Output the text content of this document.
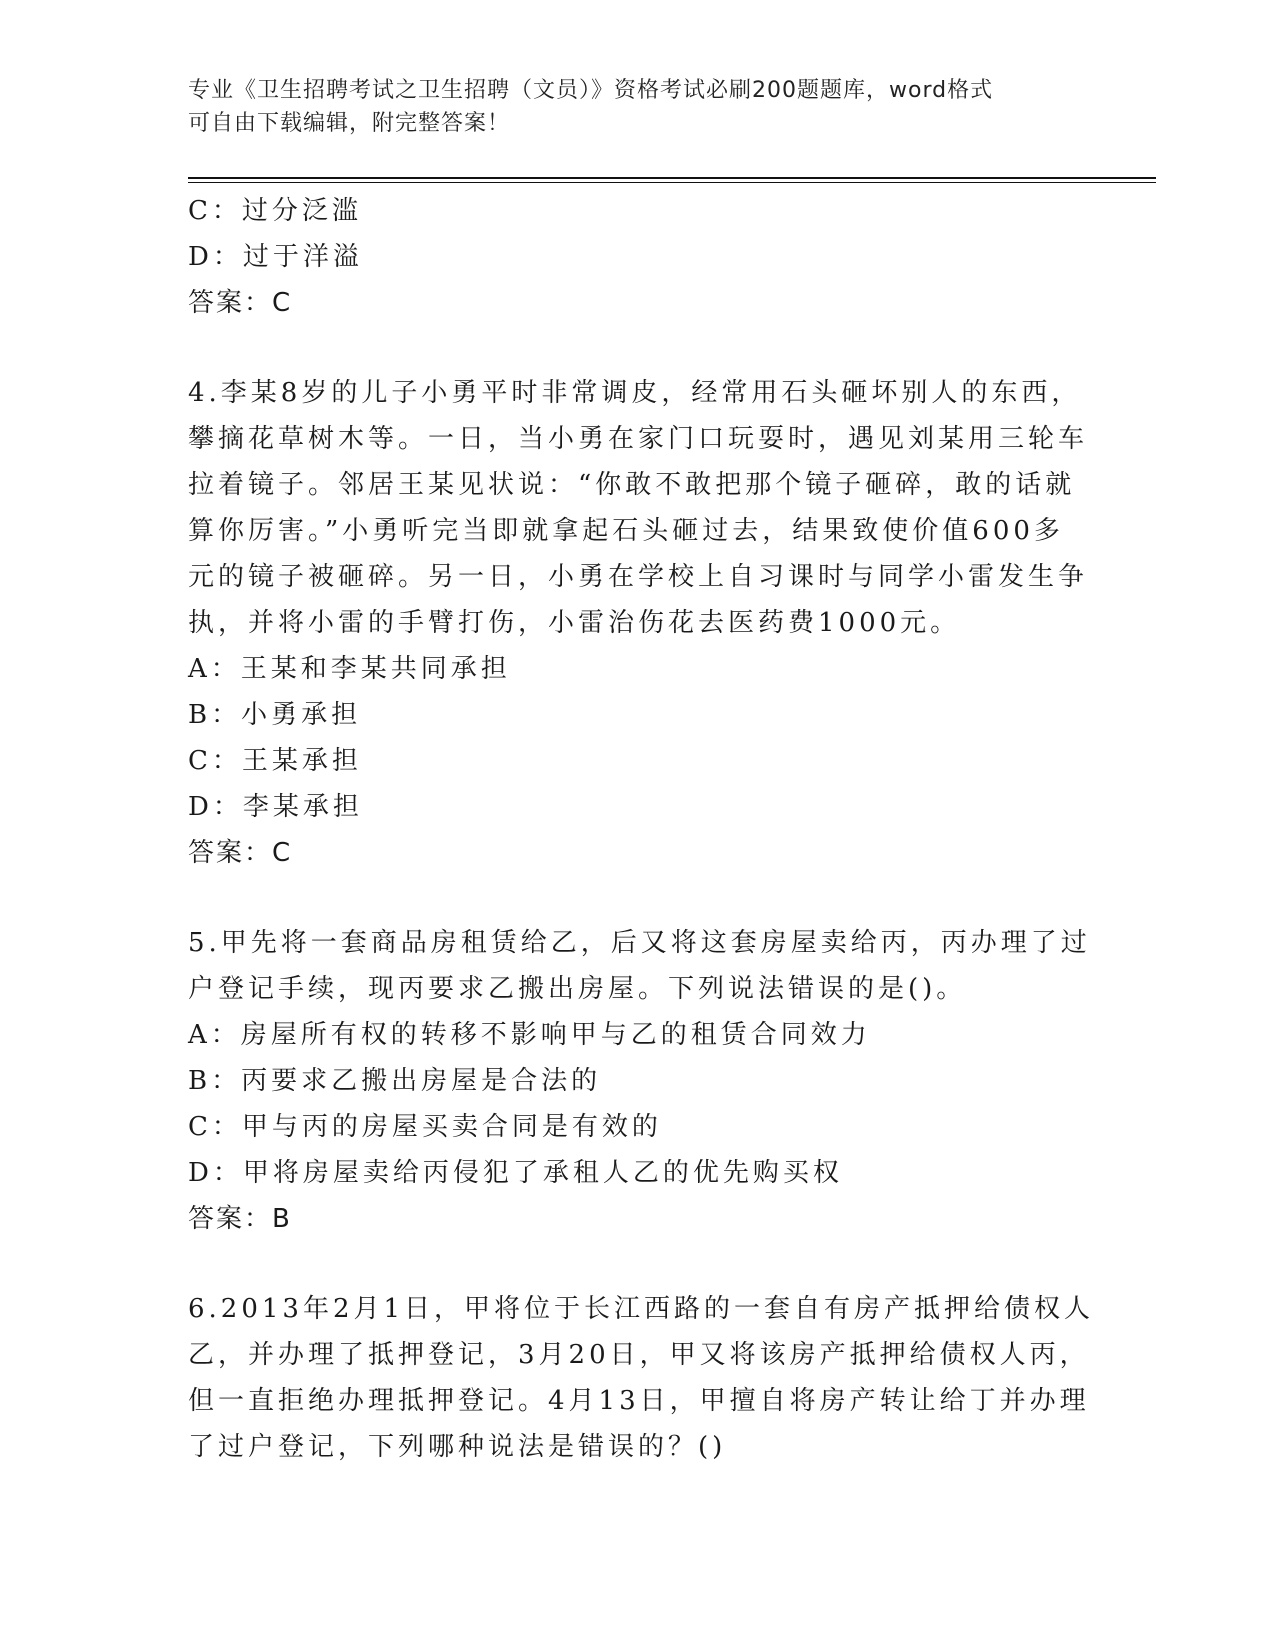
专业《卫生招聘考试之卫生招聘（文员）》资格考试必刷200题题库，word格式
可自由下载编辑，附完整答案！
C：过分泛滥
D：过于洋溢
答案：C
4.李某8岁的儿子小勇平时非常调皮，经常用石头砸坏别人的东西，
攀摘花草树木等。一日，当小勇在家门口玩耍时，遇见刘某用三轮车
拉着镜子。邻居王某见状说：“你敢不敢把那个镜子砸碎，敢的话就
算你厉害。”小勇听完当即就拿起石头砸过去，结果致使价值600多
元的镜子被砸碎。另一日，小勇在学校上自习课时与同学小雷发生争
执，并将小雷的手臂打伤，小雷治伤花去医药费1000元。
A：王某和李某共同承担
B：小勇承担
C：王某承担
D：李某承担
答案：C
5.甲先将一套商品房租赁给乙，后又将这套房屋卖给丙，丙办理了过
户登记手续，现丙要求乙搬出房屋。下列说法错误的是()。
A：房屋所有权的转移不影响甲与乙的租赁合同效力
B：丙要求乙搬出房屋是合法的
C：甲与丙的房屋买卖合同是有效的
D：甲将房屋卖给丙侵犯了承租人乙的优先购买权
答案：B
6.2013年2月1日，甲将位于长江西路的一套自有房产抵押给债权人
乙，并办理了抵押登记，3月20日，甲又将该房产抵押给债权人丙，
但一直拒绝办理抵押登记。4月13日，甲擅自将房产转让给丁并办理
了过户登记，下列哪种说法是错误的？()
